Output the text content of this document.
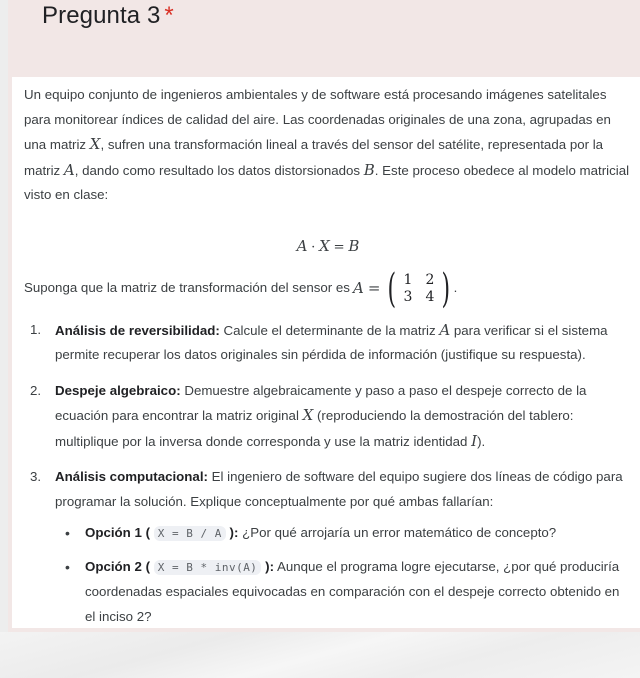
Pregunta 3 *

Un equipo conjunto de ingenieros ambientales y de software está procesando imágenes satelitales para monitorear índices de calidad del aire. Las coordenadas originales de una zona, agrupadas en una matriz X, sufren una transformación lineal a través del sensor del satélite, representada por la matriz A, dando como resultado los datos distorsionados B. Este proceso obedece al modelo matricial visto en clase:

A · X = B
Suponga que la matriz de transformación del sensor es A = ( 1 2
3 4 ) .
1. Análisis de reversibilidad: Calcule el determinante de la matriz A para verificar si el sistema permite recuperar los datos originales sin pérdida de información (justifique su respuesta).
2. Despeje algebraico: Demuestre algebraicamente y paso a paso el despeje correcto de la ecuación para encontrar la matriz original X (reproduciendo la demostración del tablero: multiplique por la inversa donde corresponda y use la matriz identidad I).
3. Análisis computacional: El ingeniero de software del equipo sugiere dos líneas de código para programar la solución. Explique conceptualmente por qué ambas fallarían:
• Opción 1 ( X = B / A ): ¿Por qué arrojaría un error matemático de concepto?
• Opción 2 ( X = B * inv(A) ): Aunque el programa logre ejecutarse, ¿por qué produciría coordenadas espaciales equivocadas en comparación con el despeje correcto obtenido en el inciso 2?
